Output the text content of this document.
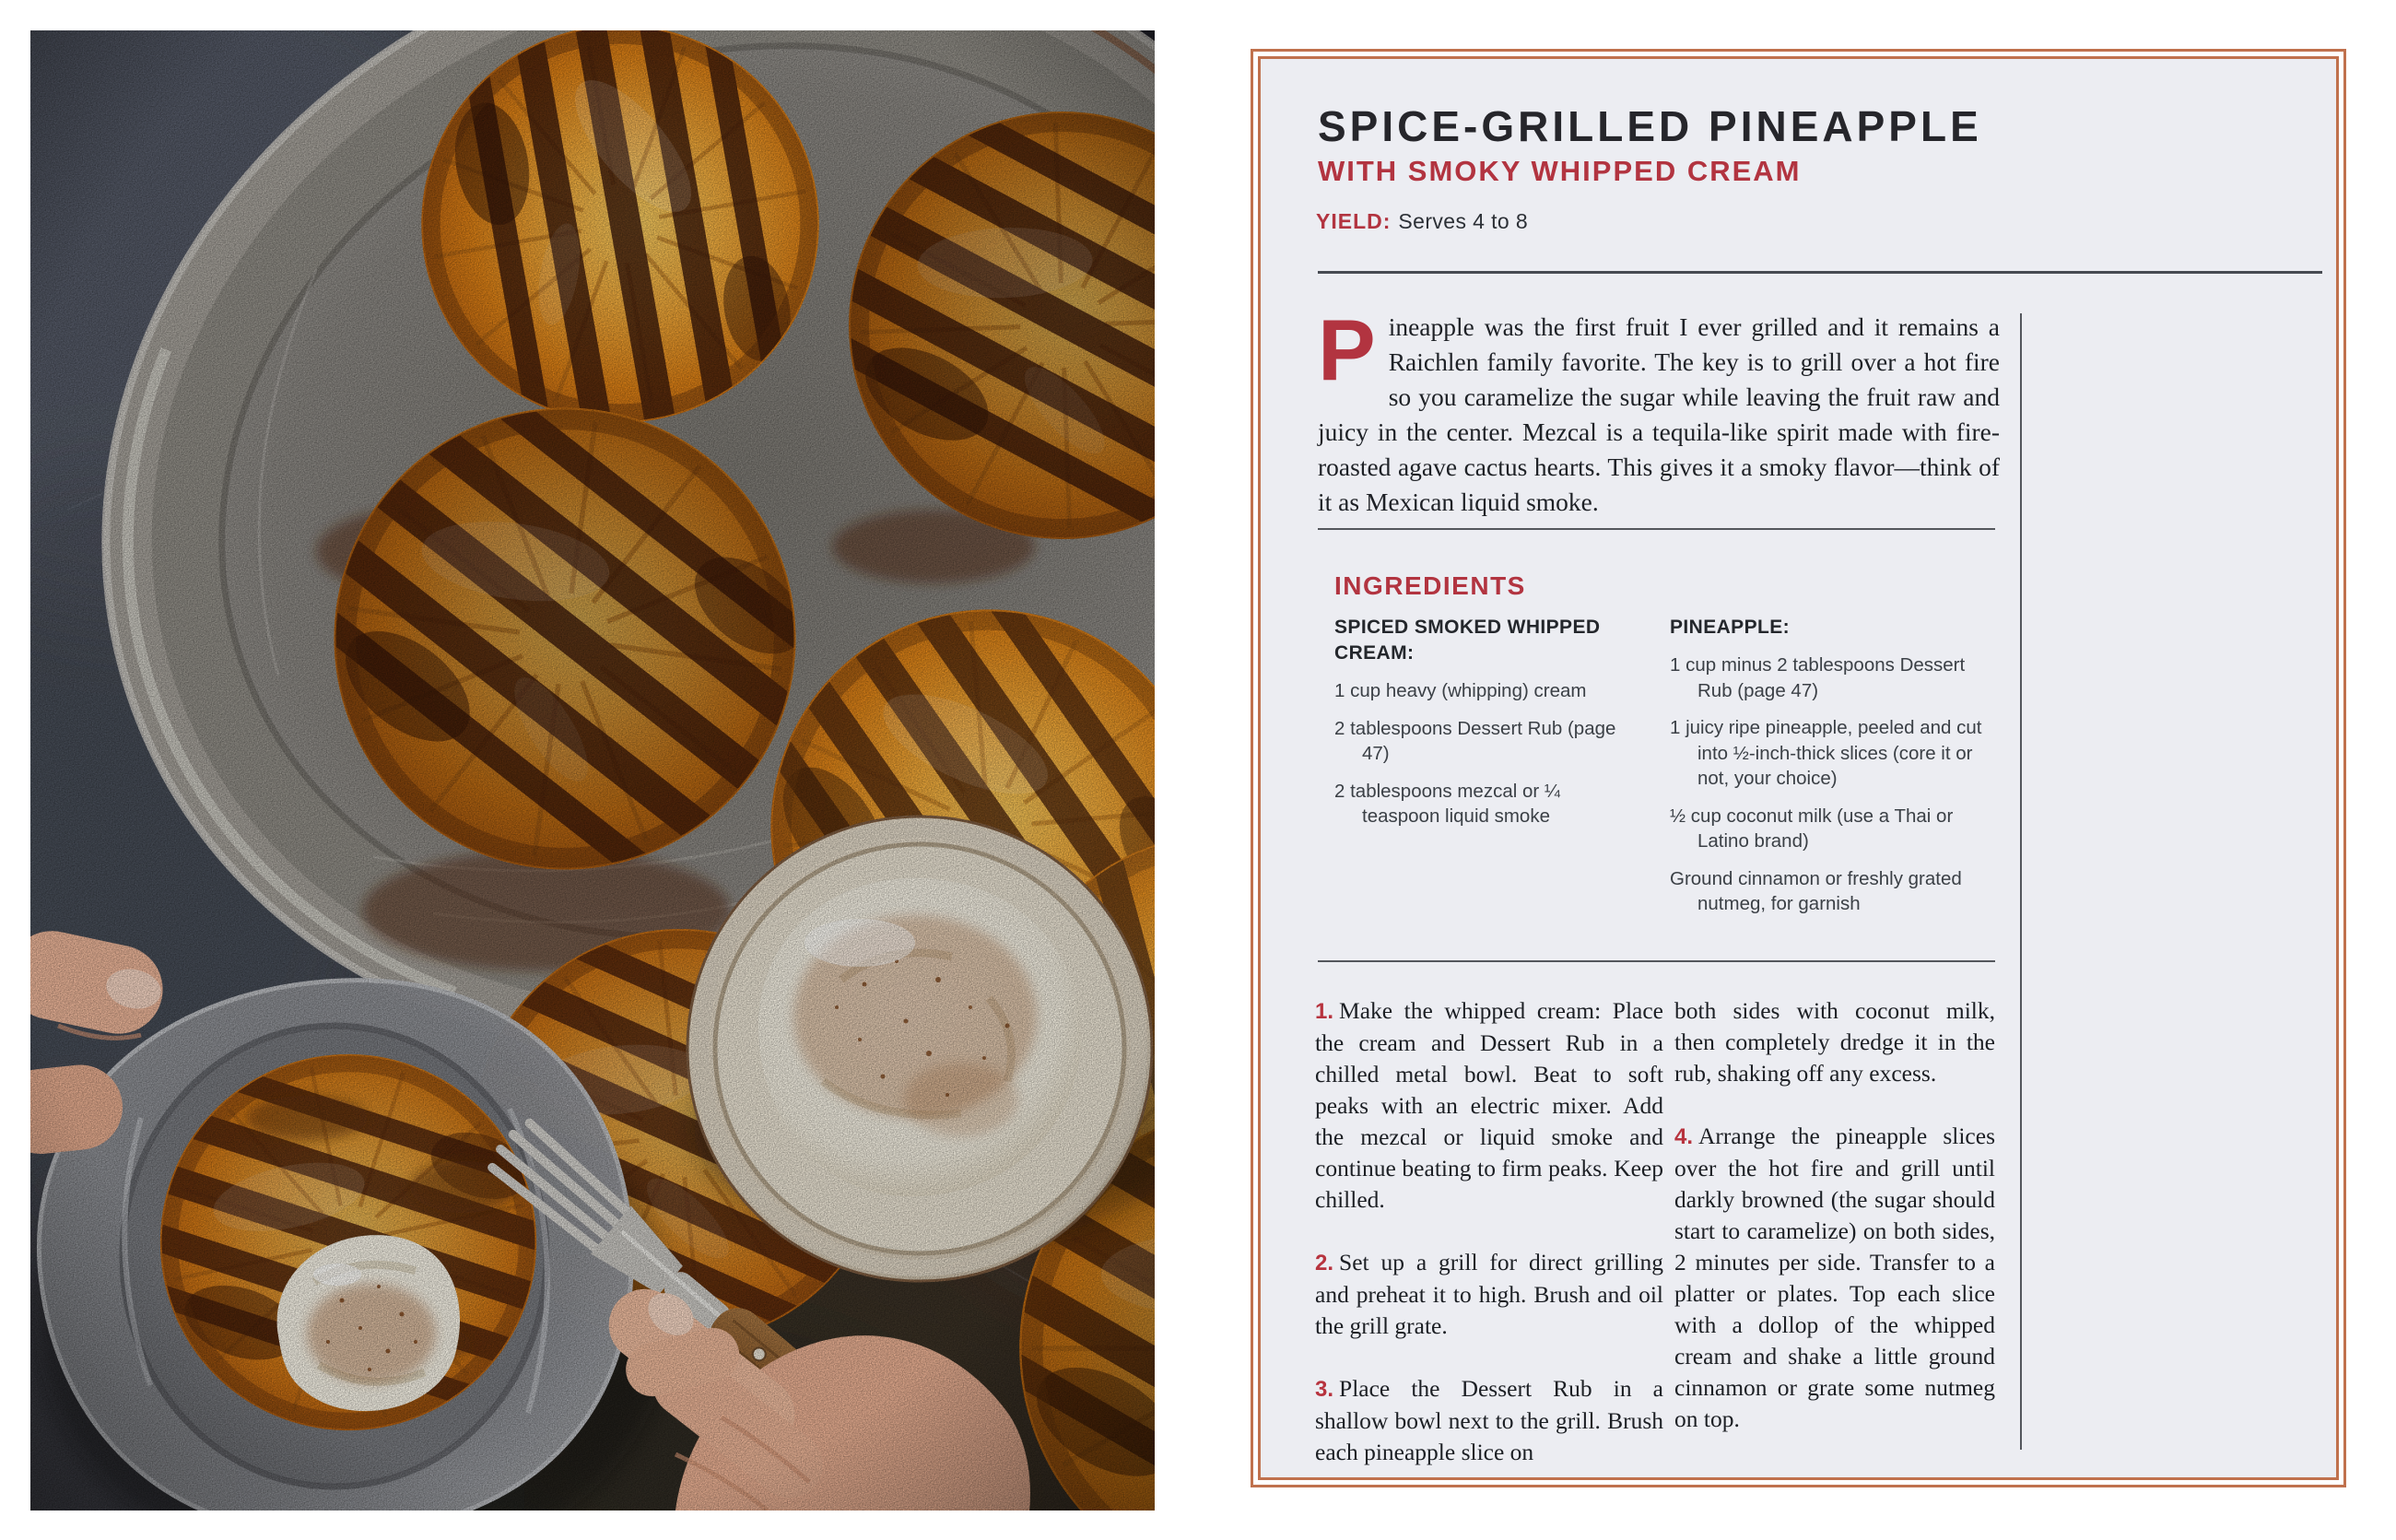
SPICE-GRILLED PINEAPPLE
WITH SMOKY WHIPPED CREAM
YIELD: Serves 4 to 8
Pineapple was the first fruit I ever grilled and it remains a Raichlen family favorite. The key is to grill over a hot fire so you caramelize the sugar while leaving the fruit raw and juicy in the center. Mezcal is a tequila-like spirit made with fire-roasted agave cactus hearts. This gives it a smoky flavor—think of it as Mexican liquid smoke.
INGREDIENTS
SPICED SMOKED WHIPPED CREAM:
1 cup heavy (whipping) cream
2 tablespoons Dessert Rub (page 47)
2 tablespoons mezcal or ¼ teaspoon liquid smoke
PINEAPPLE:
1 cup minus 2 tablespoons Dessert Rub (page 47)
1 juicy ripe pineapple, peeled and cut into ½-inch-thick slices (core it or not, your choice)
½ cup coconut milk (use a Thai or Latino brand)
Ground cinnamon or freshly grated nutmeg, for garnish

1. Make the whipped cream: Place the cream and Dessert Rub in a chilled metal bowl. Beat to soft peaks with an electric mixer. Add the mezcal or liquid smoke and continue beating to firm peaks. Keep chilled.

2. Set up a grill for direct grilling and preheat it to high. Brush and oil the grill grate.

3. Place the Dessert Rub in a shallow bowl next to the grill. Brush each pineapple slice on

both sides with coconut milk, then completely dredge it in the rub, shaking off any excess.

4. Arrange the pineapple slices over the hot fire and grill until darkly browned (the sugar should start to caramelize) on both sides, 2 minutes per side. Transfer to a platter or plates. Top each slice with a dollop of the whipped cream and shake a little ground cinnamon or grate some nutmeg on top.
